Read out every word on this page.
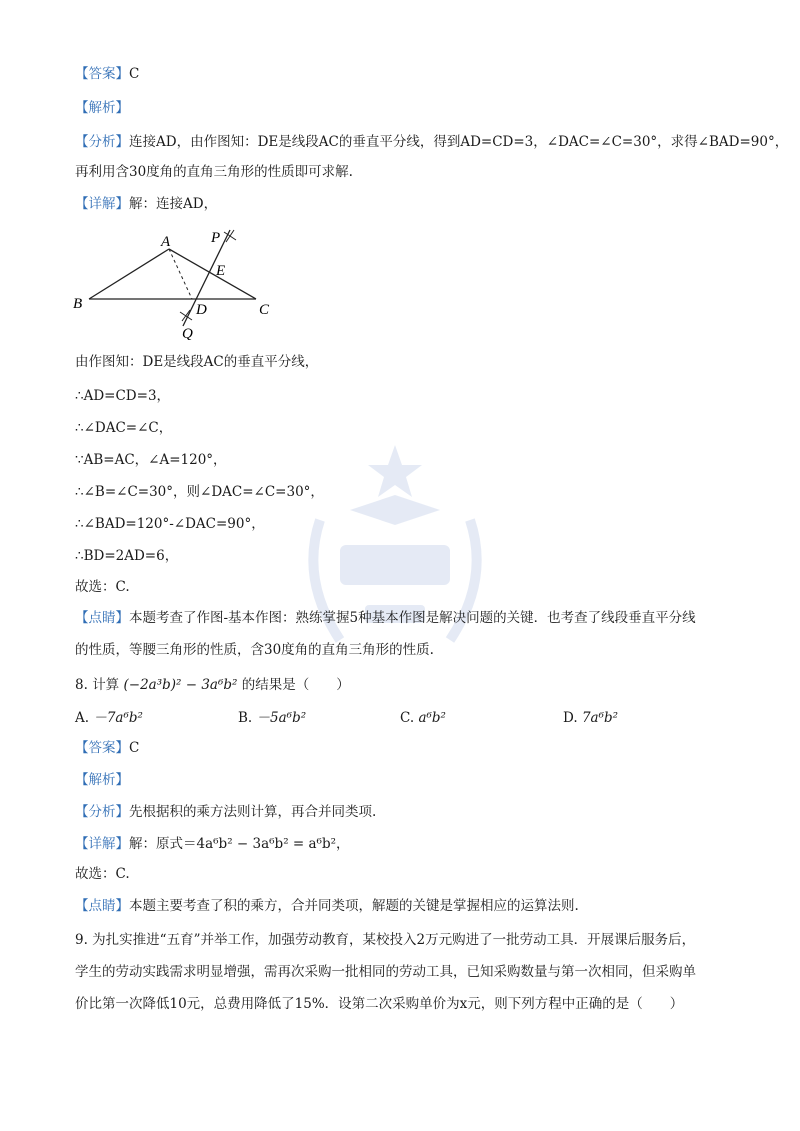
【答案】C
【解析】
【分析】连接AD，由作图知：DE是线段AC的垂直平分线，得到AD=CD=3，∠DAC=∠C=30°，求得∠BAD=90°，
再利用含30度角的直角三角形的性质即可求解.
【详解】解：连接AD，
A
B	C
D
E
P
Q
由作图知：DE是线段AC的垂直平分线，
∴AD=CD=3，
∴∠DAC=∠C，
∵AB=AC，∠A=120°，
∴∠B=∠C=30°，则∠DAC=∠C=30°，
∴∠BAD=120°-∠DAC=90°，
∴BD=2AD=6，
故选：C.
【点睛】本题考查了作图-基本作图：熟练掌握5种基本作图是解决问题的关键．也考查了线段垂直平分线
的性质，等腰三角形的性质，含30度角的直角三角形的性质.
8. 计算 (−2a³b)² − 3a⁶b² 的结果是（　　）
A. －7a⁶b²	B. －5a⁶b²	C. a⁶b²	D. 7a⁶b²
【答案】C
【解析】
【分析】先根据积的乘方法则计算，再合并同类项.
【详解】解：原式＝4a⁶b² − 3a⁶b² = a⁶b²，
故选：C.
【点睛】本题主要考查了积的乘方，合并同类项，解题的关键是掌握相应的运算法则.
9. 为扎实推进“五育”并举工作，加强劳动教育，某校投入2万元购进了一批劳动工具．开展课后服务后，
学生的劳动实践需求明显增强，需再次采购一批相同的劳动工具，已知采购数量与第一次相同，但采购单
价比第一次降低10元，总费用降低了15%．设第二次采购单价为x元，则下列方程中正确的是（　　）
